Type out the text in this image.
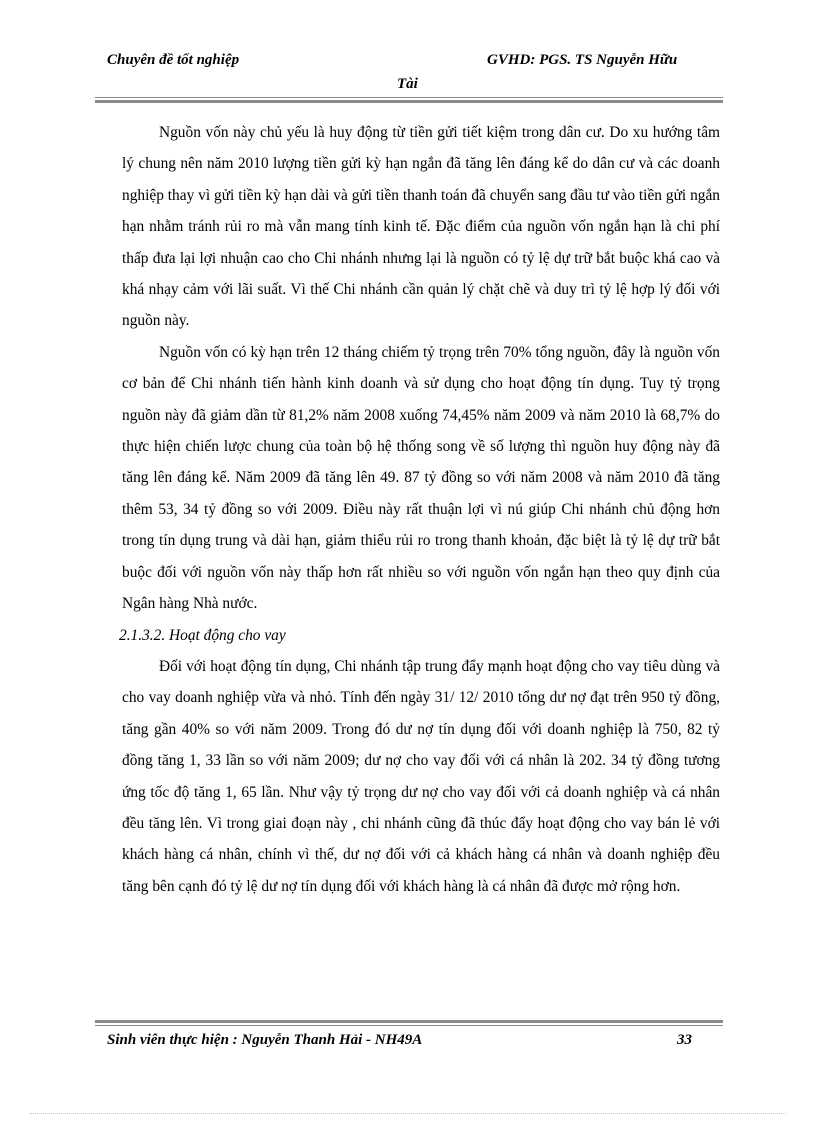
Chuyên đề tốt nghiệp	GVHD: PGS. TS Nguyễn Hữu
Tài

Nguồn vốn này chủ yếu là huy động từ tiền gửi tiết kiệm trong dân cư. Do xu hướng tâm lý chung nên năm 2010 lượng tiền gửi kỳ hạn ngắn đã tăng lên đáng kể do dân cư và các doanh nghiệp thay vì gửi tiền kỳ hạn dài và gửi tiền thanh toán đã chuyển sang đầu tư vào tiền gửi ngắn hạn nhằm tránh rủi ro mà vẫn mang tính kinh tế. Đặc điểm của nguồn vốn ngắn hạn là chi phí thấp đưa lại lợi nhuận cao cho Chi nhánh nhưng lại là nguồn có tỷ lệ dự trữ bắt buộc khá cao và khá nhạy cảm với lãi suất. Vì thế Chi nhánh cần quản lý chặt chẽ và duy trì tỷ lệ hợp lý đối với nguồn này.

Nguồn vốn có kỳ hạn trên 12 tháng chiếm tỷ trọng trên 70% tổng nguồn, đây là nguồn vốn cơ bản để Chi nhánh tiến hành kinh doanh và sử dụng cho hoạt động tín dụng. Tuy tỷ trọng nguồn này đã giảm dần từ 81,2% năm 2008 xuống 74,45% năm 2009 và năm 2010 là 68,7% do thực hiện chiến lược chung của toàn bộ hệ thống song về số lượng thì nguồn huy động này đã tăng lên đáng kể. Năm 2009 đã tăng lên 49. 87 tỷ đồng so với năm 2008 và năm 2010 đã tăng thêm 53, 34 tỷ đồng so với 2009. Điều này rất thuận lợi vì nú giúp Chi nhánh chủ động hơn trong tín dụng trung và dài hạn, giảm thiểu rủi ro trong thanh khoản, đặc biệt là tỷ lệ dự trữ bắt buộc đối với nguồn vốn này thấp hơn rất nhiều so với nguồn vốn ngắn hạn theo quy định của Ngân hàng Nhà nước.

2.1.3.2. Hoạt động cho vay

Đối với hoạt động tín dụng, Chi nhánh tập trung đẩy mạnh hoạt động cho vay tiêu dùng và cho vay doanh nghiệp vừa và nhỏ. Tính đến ngày 31/ 12/ 2010 tổng dư nợ đạt trên 950 tỷ đồng, tăng gần 40% so với năm 2009. Trong đó dư nợ tín dụng đối với doanh nghiệp là 750, 82 tỷ đồng tăng 1, 33 lần so với năm 2009; dư nợ cho vay đối với cá nhân là 202. 34 tỷ đồng tương ứng tốc độ tăng 1, 65 lần. Như vậy tỷ trọng dư nợ cho vay đối với cả doanh nghiệp và cá nhân đều tăng lên. Vì trong giai đoạn này , chi nhánh cũng đã thúc đẩy hoạt động cho vay bán lẻ với khách hàng cá nhân, chính vì thế, dư nợ đối với cả khách hàng cá nhân và doanh nghiệp đều tăng bên cạnh đó tỷ lệ dư nợ tín dụng đối với khách hàng là cá nhân đã được mở rộng hơn.

Sinh viên thực hiện : Nguyễn Thanh Hải - NH49A	33
